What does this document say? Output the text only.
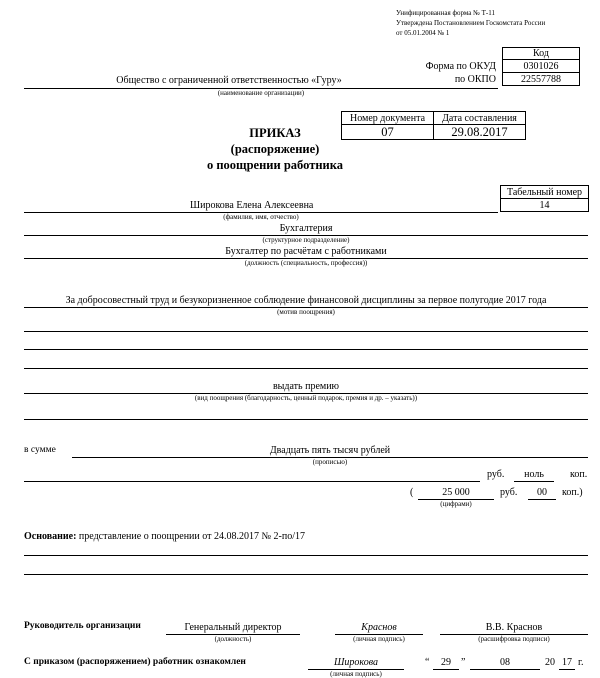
Унифицированная форма № Т-11
Утверждена Постановлением Госкомстата России
от 05.01.2004 № 1
Код
Форма по ОКУД	0301026
по ОКПО	22557788
Общество с ограниченной ответственностью «Гуру»
(наименование организации)
Номер документа	Дата составления
07	29.08.2017
ПРИКАЗ
(распоряжение)
о поощрении работника
Табельный номер
14
Широкова Елена Алексеевна
(фамилия, имя, отчество)
Бухгалтерия
(структурное подразделение)
Бухгалтер по расчётам с работниками
(должность (специальность, профессия))
За добросовестный труд и безукоризненное соблюдение финансовой дисциплины за первое полугодие 2017 года
(мотив поощрения)
выдать премию
(вид поощрения (благодарность, ценный подарок, премия и др. – указать))
в сумме	Двадцать пять тысяч рублей
(прописью)
руб.	ноль	коп.
(	25 000
(цифрами)
руб.	00	коп.)
Основание: представление о поощрении от 24.08.2017 № 2-по/17
Руководитель организации	Генеральный директор
(должность)
Краснов
(личная подпись)
В.В. Краснов
(расшифровка подписи)
С приказом (распоряжением) работник ознакомлен	Широкова
(личная подпись)
“	29	”	08	20 17 г.
